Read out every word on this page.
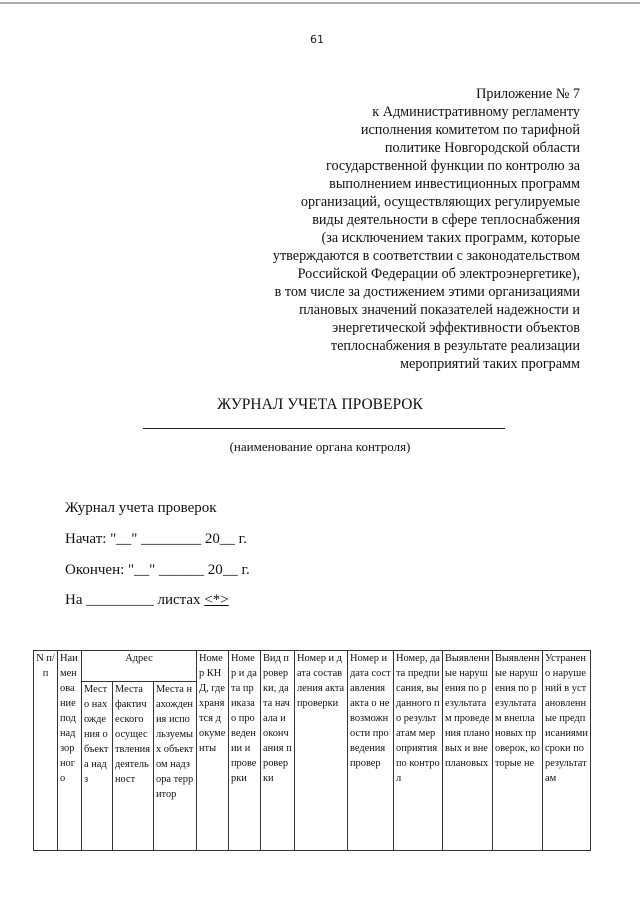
61
Приложение № 7
к Административному регламенту
исполнения комитетом по тарифной
политике Новгородской области
государственной функции по контролю за
выполнением инвестиционных программ
организаций, осуществляющих регулируемые
виды деятельности в сфере теплоснабжения
(за исключением таких программ, которые
утверждаются в соответствии с законодательством
Российской Федерации об электроэнергетике),
в том числе за достижением этими организациями
плановых значений показателей надежности и
энергетической эффективности объектов
теплоснабжения в результате реализации
мероприятий таких программ
ЖУРНАЛ УЧЕТА ПРОВЕРОК
(наименование органа контроля)
Журнал учета проверок
Начат: "__" ________ 20__ г.
Окончен: "__" ______ 20__ г.
На _________ листах <*>
N п/п	Наименование поднадзорного	Адрес			Номер КНД, где хранятся документы	Номер и дата приказа о проведении и проверки	Вид проверки, дата начала и окончания проверки	Номер и дата составления акта проверки	Номер и дата составления акта о невозможности проведения провер	Номер, дата предписания, выданного по результатам мероприятия по контрол	Выявленные нарушения по результатам проведения плановых и внеплановых	Выявленные нарушения по результатам внеплановых проверок, которые не	Устранено нарушений в установленные предписаниями сроки по результатам
		Место нахождения объекта надз	Места фактического осуществления деятельност	Места нахождения используемых объектом надзора территор									
